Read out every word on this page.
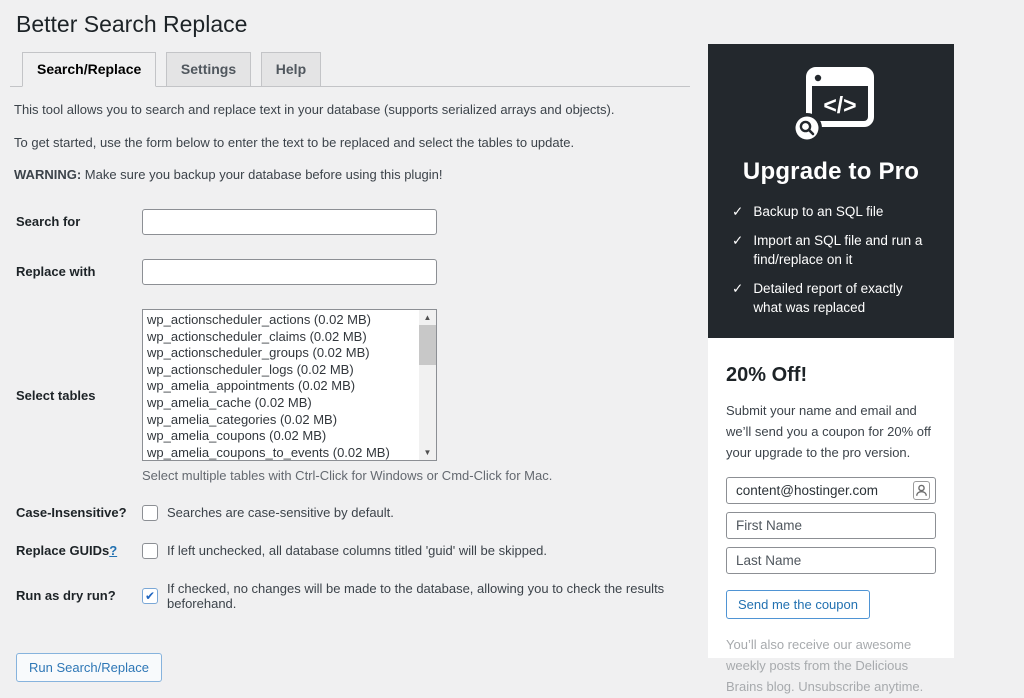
Better Search Replace
Search/Replace	Settings	Help

This tool allows you to search and replace text in your database (supports serialized arrays and objects).

To get started, use the form below to enter the text to be replaced and select the tables to update.

WARNING: Make sure you backup your database before using this plugin!

Search for
Replace with
Select tables
wp_actionscheduler_actions (0.02 MB)
wp_actionscheduler_claims (0.02 MB)
wp_actionscheduler_groups (0.02 MB)
wp_actionscheduler_logs (0.02 MB)
wp_amelia_appointments (0.02 MB)
wp_amelia_cache (0.02 MB)
wp_amelia_categories (0.02 MB)
wp_amelia_coupons (0.02 MB)
wp_amelia_coupons_to_events (0.02 MB)
▲
▼
Select multiple tables with Ctrl-Click for Windows or Cmd-Click for Mac.
Case-Insensitive?	Searches are case-sensitive by default.
Replace GUIDs?	If left unchecked, all database columns titled 'guid' will be skipped.
Run as dry run?	✔ If checked, no changes will be made to the database, allowing you to check the results beforehand.
Run Search/Replace
</>
Upgrade to Pro
✓ Backup to an SQL file
✓ Import an SQL file and run a find/replace on it
✓ Detailed report of exactly what was replaced
20% Off!

Submit your name and email and we’ll send you a coupon for 20% off your upgrade to the pro version.

content@hostinger.com
First Name
Last Name
Send me the coupon

You’ll also receive our awesome weekly posts from the Delicious Brains blog. Unsubscribe anytime.
